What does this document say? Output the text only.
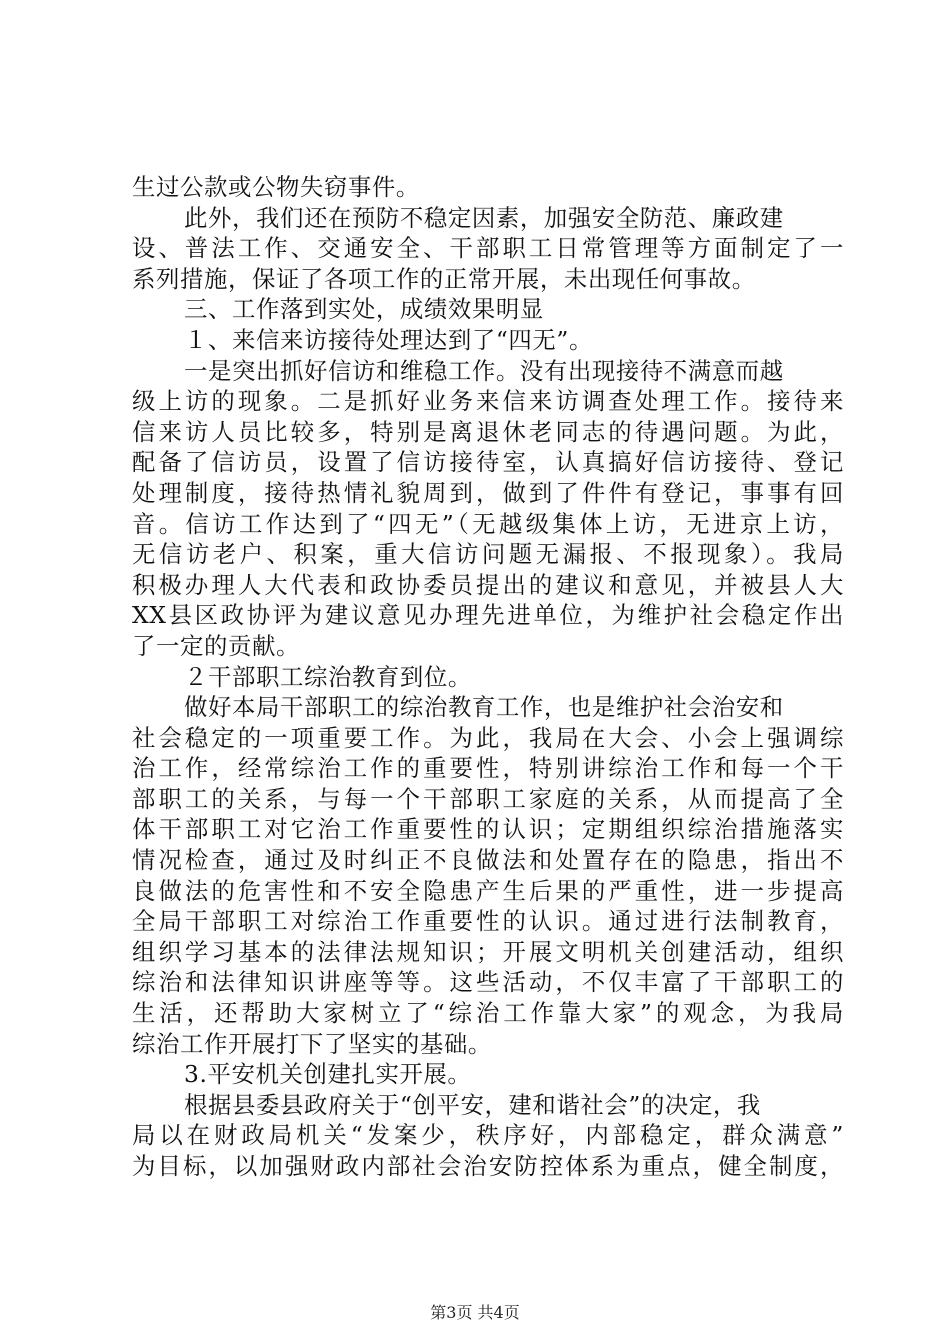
生过公款或公物失窃事件。
此外，我们还在预防不稳定因素，加强安全防范、廉政建
设、普法工作、交通安全、干部职工日常管理等方面制定了一
系列措施，保证了各项工作的正常开展，未出现任何事故。
三、工作落到实处，成绩效果明显
１、来信来访接待处理达到了“四无”。
一是突出抓好信访和维稳工作。没有出现接待不满意而越
级上访的现象。二是抓好业务来信来访调查处理工作。接待来
信来访人员比较多，特别是离退休老同志的待遇问题。为此，
配备了信访员，设置了信访接待室，认真搞好信访接待、登记
处理制度，接待热情礼貌周到，做到了件件有登记，事事有回
音。信访工作达到了“四无”（无越级集体上访，无进京上访，
无信访老户、积案，重大信访问题无漏报、不报现象）。我局
积极办理人大代表和政协委员提出的建议和意见，并被县人大
XX县区政协评为建议意见办理先进单位，为维护社会稳定作出
了一定的贡献。
２干部职工综治教育到位。
做好本局干部职工的综治教育工作，也是维护社会治安和
社会稳定的一项重要工作。为此，我局在大会、小会上强调综
治工作，经常综治工作的重要性，特别讲综治工作和每一个干
部职工的关系，与每一个干部职工家庭的关系，从而提高了全
体干部职工对它治工作重要性的认识；定期组织综治措施落实
情况检查，通过及时纠正不良做法和处置存在的隐患，指出不
良做法的危害性和不安全隐患产生后果的严重性，进一步提高
全局干部职工对综治工作重要性的认识。通过进行法制教育，
组织学习基本的法律法规知识；开展文明机关创建活动，组织
综治和法律知识讲座等等。这些活动，不仅丰富了干部职工的
生活，还帮助大家树立了“综治工作靠大家”的观念，为我局
综治工作开展打下了坚实的基础。
3.平安机关创建扎实开展。
根据县委县政府关于“创平安，建和谐社会”的决定，我
局以在财政局机关“发案少，秩序好，内部稳定，群众满意”
为目标，以加强财政内部社会治安防控体系为重点，健全制度，
第3页 共4页
